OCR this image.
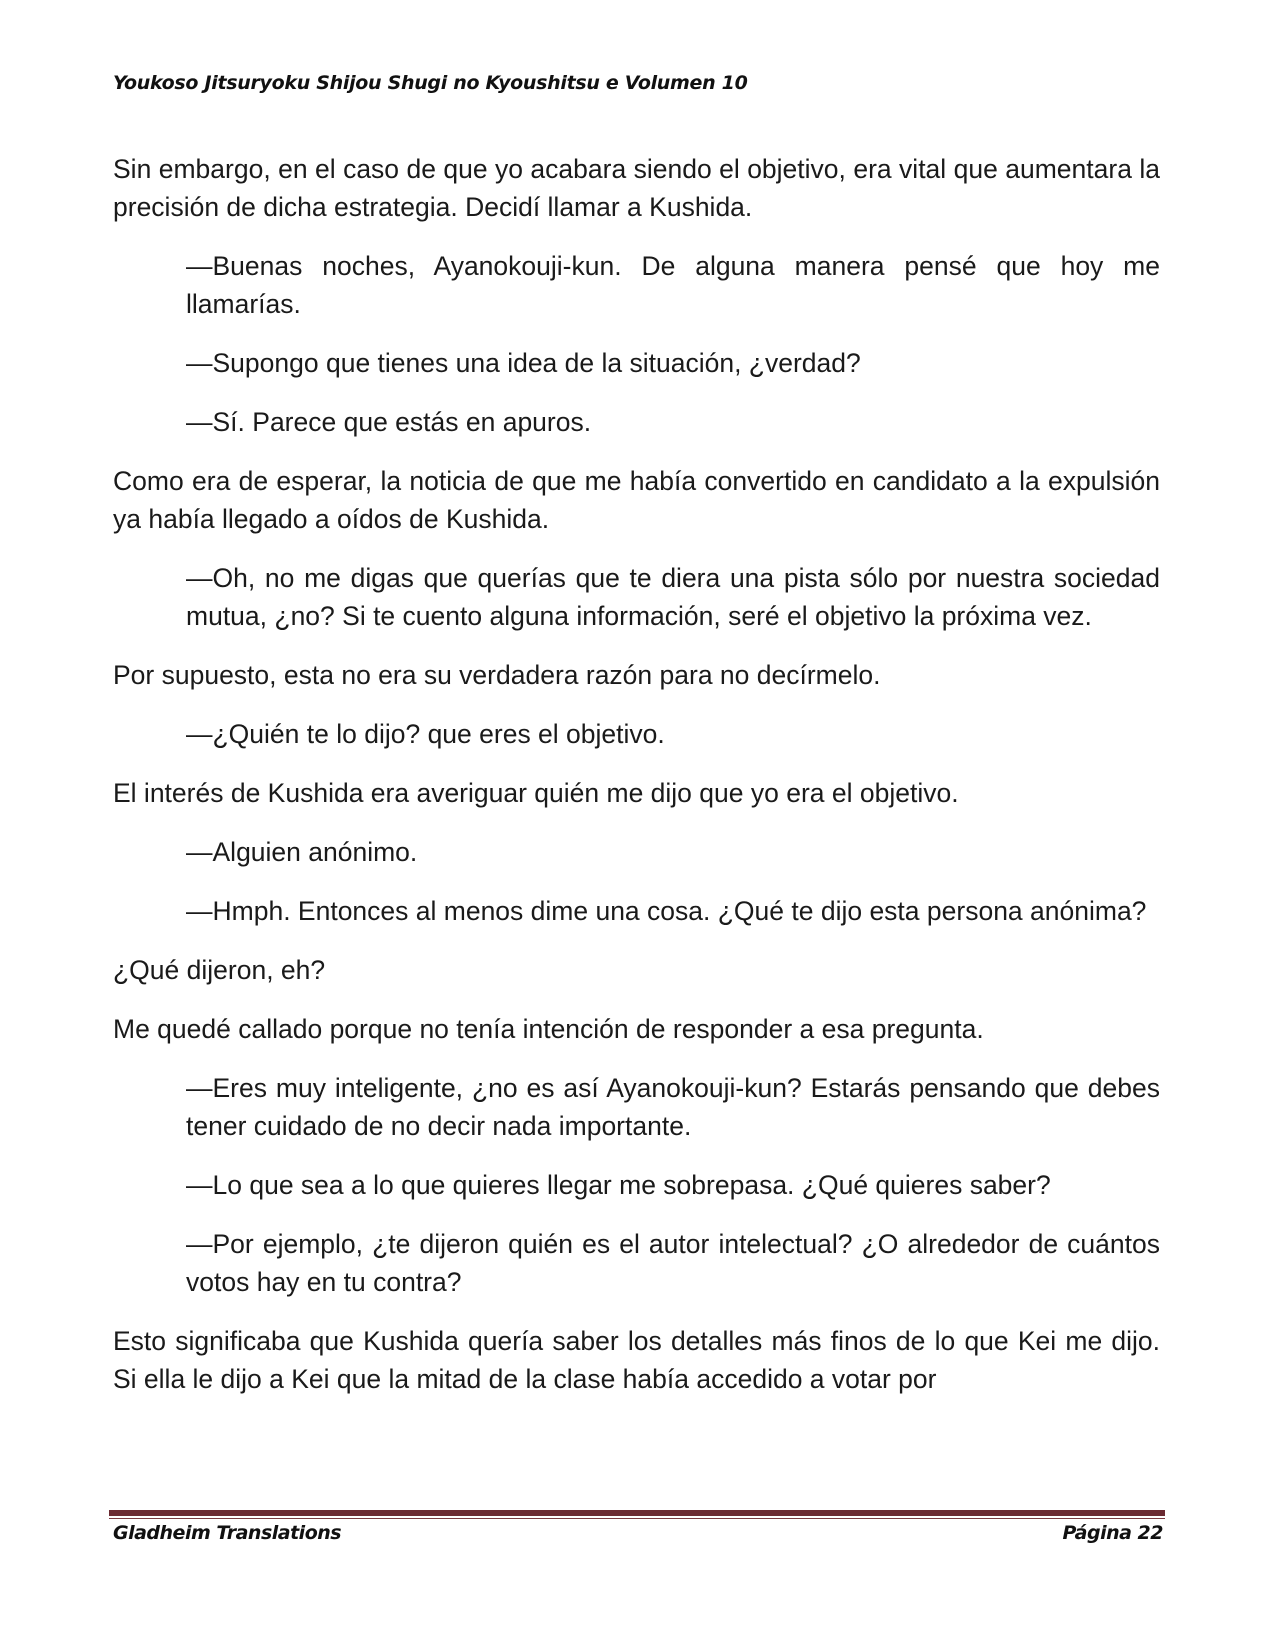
Youkoso Jitsuryoku Shijou Shugi no Kyoushitsu e Volumen 10

Sin embargo, en el caso de que yo acabara siendo el objetivo, era vital que aumentara la precisión de dicha estrategia. Decidí llamar a Kushida.

—Buenas noches, Ayanokouji-kun. De alguna manera pensé que hoy me llamarías.

—Supongo que tienes una idea de la situación, ¿verdad?

—Sí. Parece que estás en apuros.

Como era de esperar, la noticia de que me había convertido en candidato a la expulsión ya había llegado a oídos de Kushida.

—Oh, no me digas que querías que te diera una pista sólo por nuestra sociedad mutua, ¿no? Si te cuento alguna información, seré el objetivo la próxima vez.

Por supuesto, esta no era su verdadera razón para no decírmelo.

—¿Quién te lo dijo? que eres el objetivo.

El interés de Kushida era averiguar quién me dijo que yo era el objetivo.

—Alguien anónimo.

—Hmph. Entonces al menos dime una cosa. ¿Qué te dijo esta persona anónima?

¿Qué dijeron, eh?

Me quedé callado porque no tenía intención de responder a esa pregunta.

—Eres muy inteligente, ¿no es así Ayanokouji-kun? Estarás pensando que debes tener cuidado de no decir nada importante.

—Lo que sea a lo que quieres llegar me sobrepasa. ¿Qué quieres saber?

—Por ejemplo, ¿te dijeron quién es el autor intelectual? ¿O alrededor de cuántos votos hay en tu contra?

Esto significaba que Kushida quería saber los detalles más finos de lo que Kei me dijo. Si ella le dijo a Kei que la mitad de la clase había accedido a votar por

Gladheim Translations	Página 22
